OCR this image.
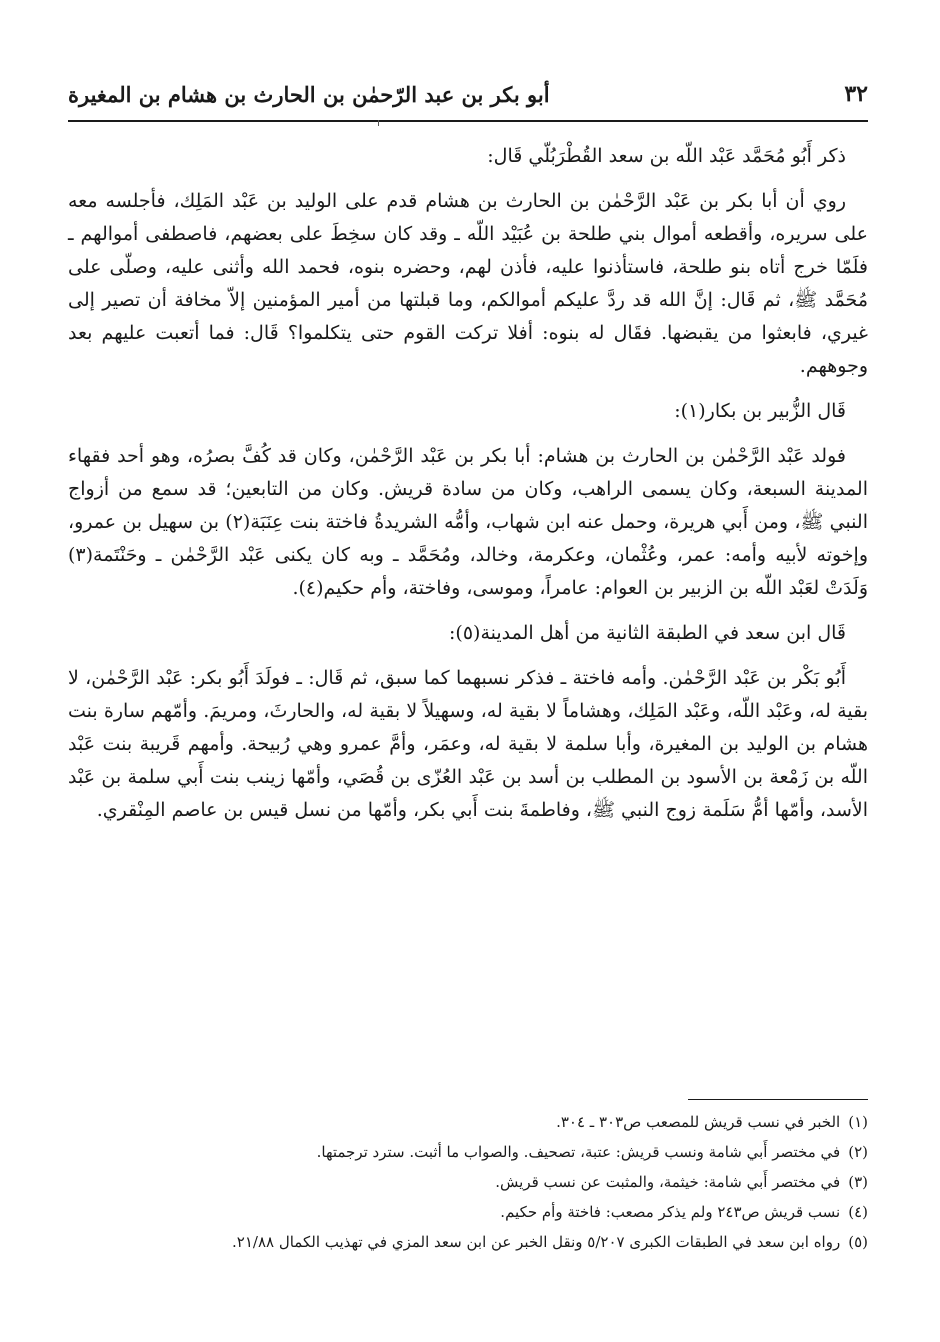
٣٢
أبو بكر بن عبد الرّحمٰن بن الحارث بن هشام بن المغيرة

ذكر أَبُو مُحَمَّد عَبْد اللّه بن سعد القُطْرَبُلّي قَال:

روي أن أبا بكر بن عَبْد الرَّحْمٰن بن الحارث بن هشام قدم على الوليد بن عَبْد المَلِك، فأجلسه معه على سريره، وأقطعه أموال بني طلحة بن عُبَيْد اللّه ـ وقد كان سخِطَ على بعضهم، فاصطفى أموالهم ـ فلَمّا خرج أتاه بنو طلحة، فاستأذنوا عليه، فأذن لهم، وحضره بنوه، فحمد الله وأثنى عليه، وصلّى على مُحَمَّد ﷺ، ثم قَال: إنَّ الله قد ردَّ عليكم أموالكم، وما قبلتها من أمير المؤمنين إلاّ مخافة أن تصير إلى غيري، فابعثوا من يقبضها. فقَال له بنوه: أفلا تركت القوم حتى يتكلموا؟ قَال: فما أتعبت عليهم بعد وجوههم.

قَال الزُّبير بن بكار(١):

فولد عَبْد الرَّحْمٰن بن الحارث بن هشام: أبا بكر بن عَبْد الرَّحْمٰن، وكان قد كُفَّ بصرُه، وهو أحد فقهاء المدينة السبعة، وكان يسمى الراهب، وكان من سادة قريش. وكان من التابعين؛ قد سمع من أزواج النبي ﷺ، ومن أَبي هريرة، وحمل عنه ابن شهاب، وأمُّه الشريدةُ فاختة بنت عِنَبَة(٢) بن سهيل بن عمرو، وإخوته لأبيه وأمه: عمر، وعُثْمان، وعكرمة، وخالد، ومُحَمَّد ـ وبه كان يكنى عَبْد الرَّحْمٰن ـ وحَنْتَمة(٣) وَلَدَتْ لعَبْد اللّه بن الزبير بن العوام: عامراً، وموسى، وفاختة، وأم حكيم(٤).

قَال ابن سعد في الطبقة الثانية من أهل المدينة(٥):

أَبُو بَكْر بن عَبْد الرَّحْمٰن. وأمه فاختة ـ فذكر نسبهما كما سبق، ثم قَال: ـ فولَدَ أَبُو بكر: عَبْد الرَّحْمٰن، لا بقية له، وعَبْد اللّه، وعَبْد المَلِك، وهشاماً لا بقية له، وسهيلاً لا بقية له، والحارثَ، ومريمَ. وأمّهم سارة بنت هشام بن الوليد بن المغيرة، وأبا سلمة لا بقية له، وعمَر، وأمَّ عمرو وهي رُبيحة. وأمهم قَريبة بنت عَبْد اللّه بن زَمْعة بن الأسود بن المطلب بن أسد بن عَبْد العُزّى بن قُصَي، وأمّها زينب بنت أَبي سلمة بن عَبْد الأسد، وأمّها أمُّ سَلَمة زوج النبي ﷺ، وفاطمةَ بنت أَبي بكر، وأمّها من نسل قيس بن عاصم المِنْقري.

(١)
الخبر في نسب قريش للمصعب ص٣٠٣ ـ ٣٠٤.
(٢)
في مختصر أَبي شامة ونسب قريش: عتبة، تصحيف. والصواب ما أثبت. سترد ترجمتها.
(٣)
في مختصر أَبي شامة: خيثمة، والمثبت عن نسب قريش.
(٤)
نسب قريش ص٢٤٣ ولم يذكر مصعب: فاختة وأم حكيم.
(٥)
رواه ابن سعد في الطبقات الكبرى ٥/٢٠٧ ونقل الخبر عن ابن سعد المزي في تهذيب الكمال ٢١/٨٨.
